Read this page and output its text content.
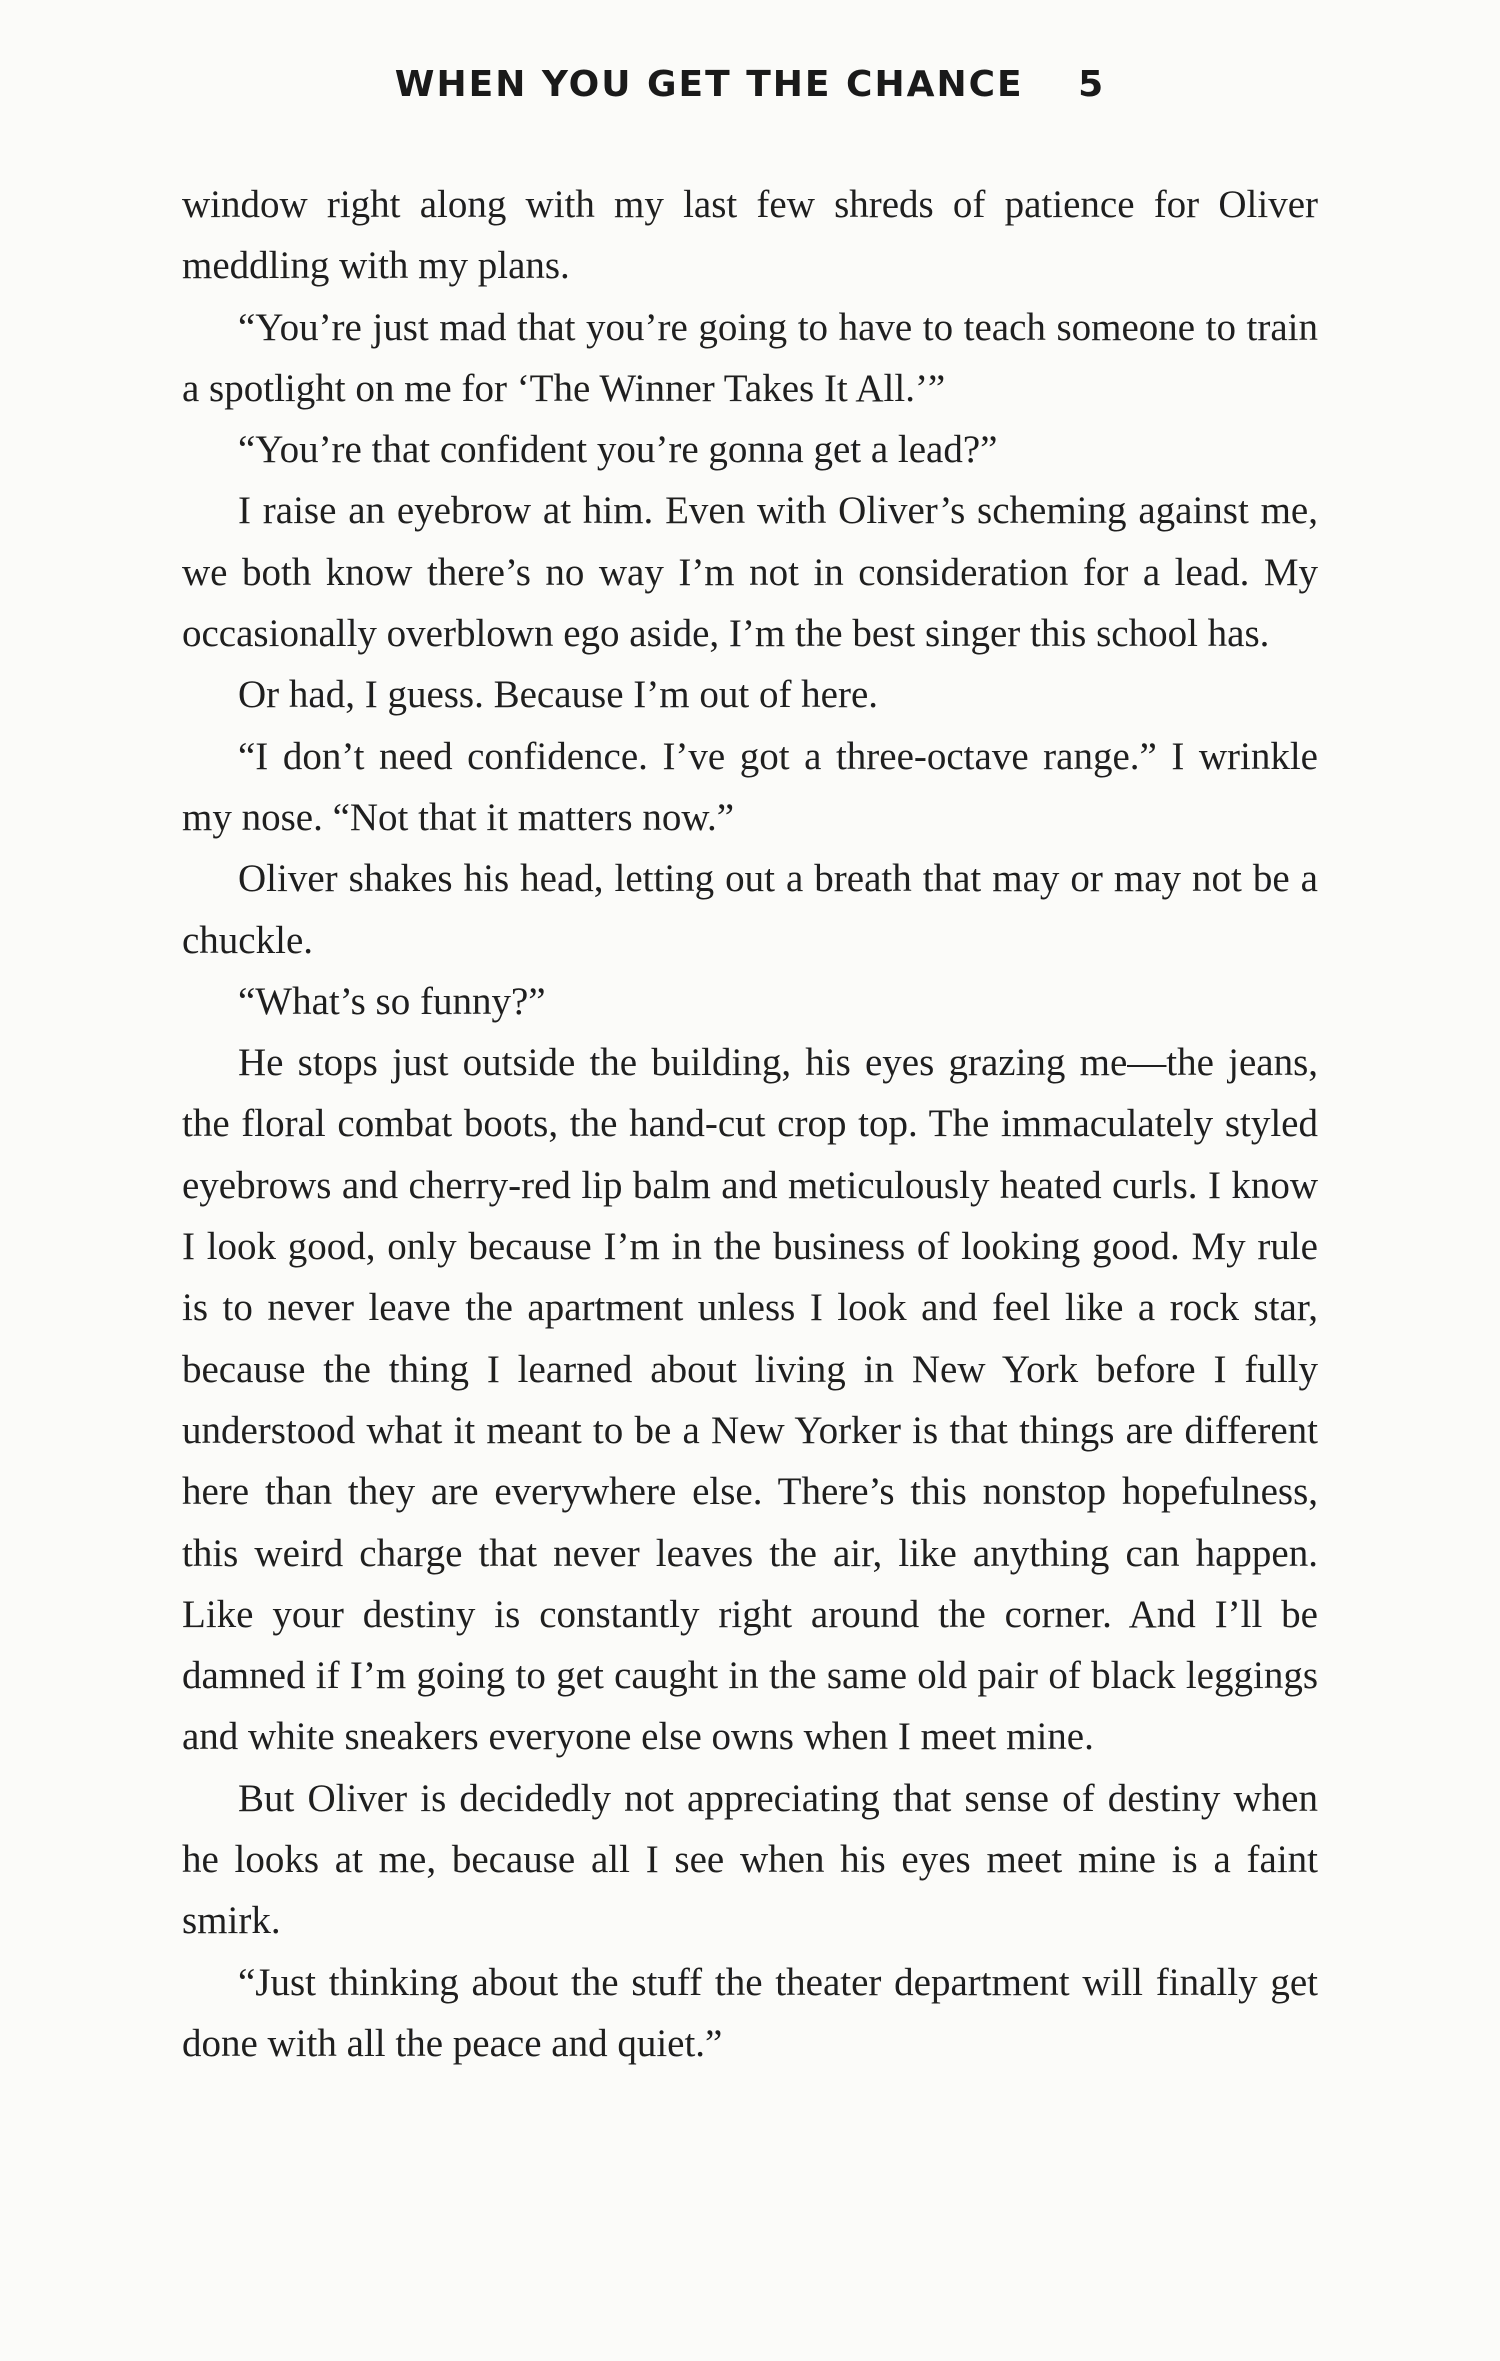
WHEN YOU GET THE CHANCE 5

window right along with my last few shreds of patience for Oliver meddling with my plans.

“You’re just mad that you’re going to have to teach someone to train a spotlight on me for ‘The Winner Takes It All.’”

“You’re that confident you’re gonna get a lead?”

I raise an eyebrow at him. Even with Oliver’s scheming against me, we both know there’s no way I’m not in consideration for a lead. My occasionally overblown ego aside, I’m the best singer this school has.

Or had, I guess. Because I’m out of here.

“I don’t need confidence. I’ve got a three-octave range.” I wrinkle my nose. “Not that it matters now.”

Oliver shakes his head, letting out a breath that may or may not be a chuckle.

“What’s so funny?”

He stops just outside the building, his eyes grazing me—the jeans, the floral combat boots, the hand-cut crop top. The immaculately styled eyebrows and cherry-red lip balm and meticulously heated curls. I know I look good, only because I’m in the business of looking good. My rule is to never leave the apartment unless I look and feel like a rock star, because the thing I learned about living in New York before I fully understood what it meant to be a New Yorker is that things are different here than they are everywhere else. There’s this nonstop hopefulness, this weird charge that never leaves the air, like anything can happen. Like your destiny is constantly right around the corner. And I’ll be damned if I’m going to get caught in the same old pair of black leggings and white sneakers everyone else owns when I meet mine.

But Oliver is decidedly not appreciating that sense of destiny when he looks at me, because all I see when his eyes meet mine is a faint smirk.

“Just thinking about the stuff the theater department will finally get done with all the peace and quiet.”
